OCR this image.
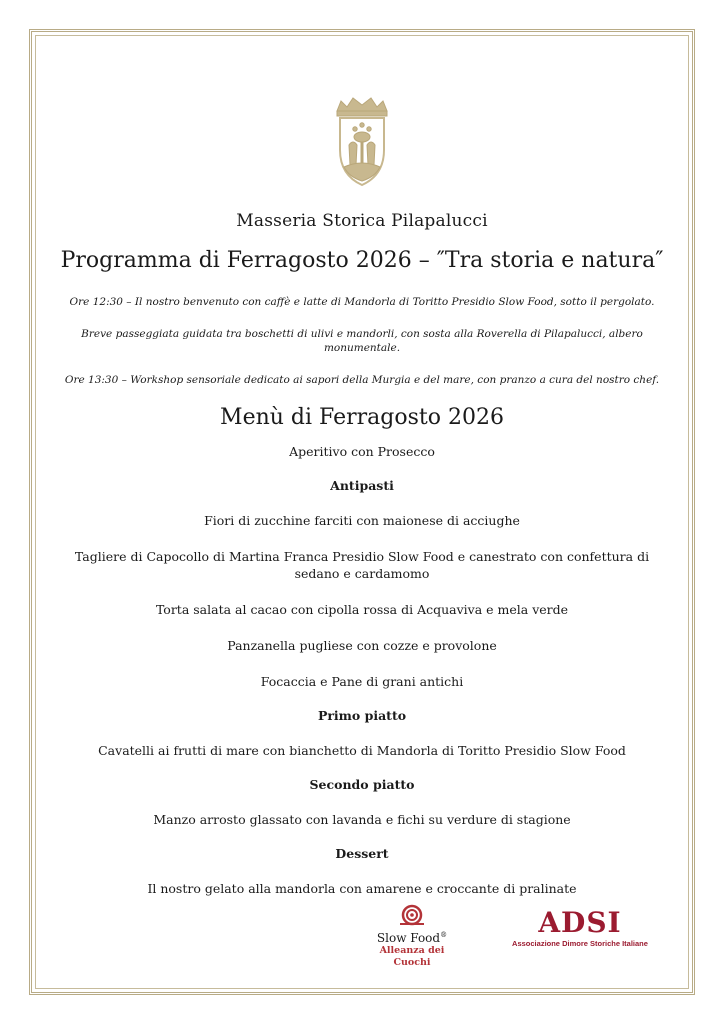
Masseria Storica Pilapalucci
Programma di Ferragosto 2026 – ″Tra storia e natura″
Ore 12:30 – Il nostro benvenuto con caffè e latte di Mandorla di Toritto Presidio Slow Food, sotto il pergolato.
Breve passeggiata guidata tra boschetti di ulivi e mandorli, con sosta alla Roverella di Pilapalucci, albero monumentale.
Ore 13:30 – Workshop sensoriale dedicato ai sapori della Murgia e del mare, con pranzo a cura del nostro chef.
Menù di Ferragosto 2026
Aperitivo con Prosecco
Antipasti
Fiori di zucchine farciti con maionese di acciughe
Tagliere di Capocollo di Martina Franca Presidio Slow Food e canestrato con confettura di sedano e cardamomo
Torta salata al cacao con cipolla rossa di Acquaviva e mela verde
Panzanella pugliese con cozze e provolone
Focaccia e Pane di grani antichi
Primo piatto
Cavatelli ai frutti di mare con bianchetto di Mandorla di Toritto Presidio Slow Food
Secondo piatto
Manzo arrosto glassato con lavanda e fichi su verdure di stagione
Dessert
Il nostro gelato alla mandorla con amarene e croccante di pralinate
Slow Food®
Alleanza dei Cuochi
ADSI
Associazione Dimore Storiche Italiane
